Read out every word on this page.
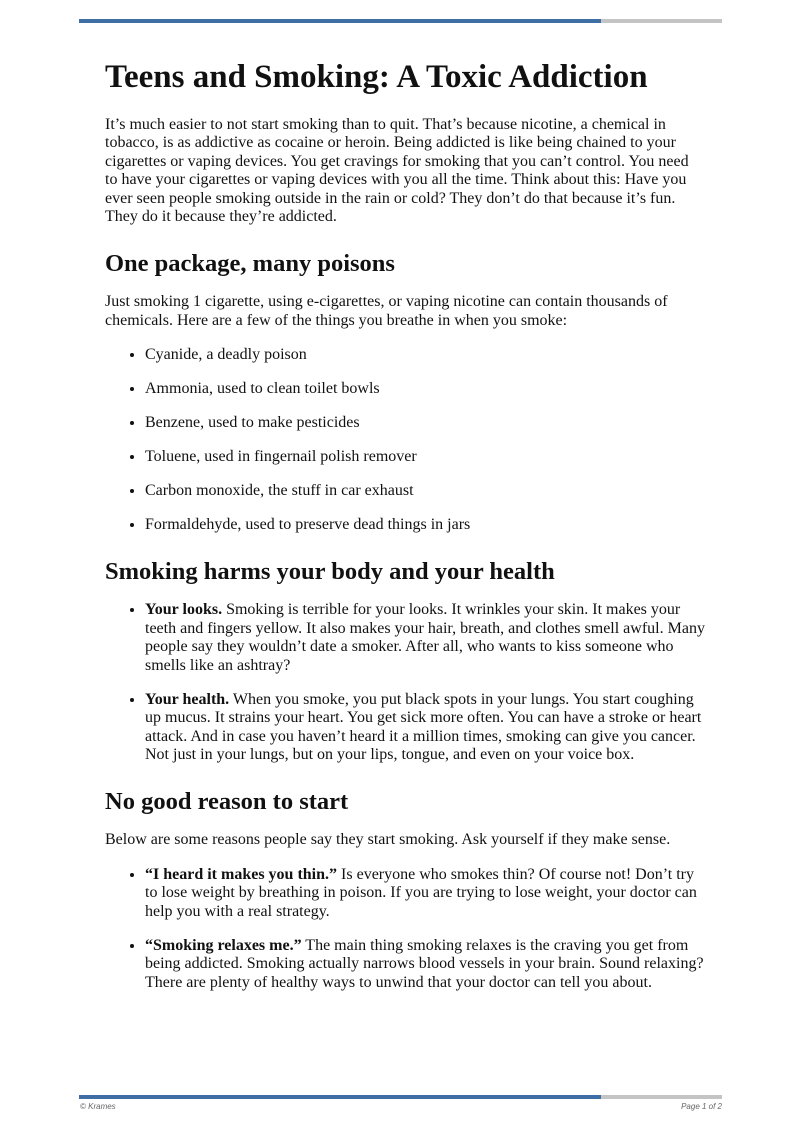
Teens and Smoking: A Toxic Addiction

It’s much easier to not start smoking than to quit. That’s because nicotine, a chemical in tobacco, is as addictive as cocaine or heroin. Being addicted is like being chained to your cigarettes or vaping devices. You get cravings for smoking that you can’t control. You need to have your cigarettes or vaping devices with you all the time. Think about this: Have you ever seen people smoking outside in the rain or cold? They don’t do that because it’s fun. They do it because they’re addicted.

One package, many poisons

Just smoking 1 cigarette, using e-cigarettes, or vaping nicotine can contain thousands of chemicals. Here are a few of the things you breathe in when you smoke:

• Cyanide, a deadly poison
• Ammonia, used to clean toilet bowls
• Benzene, used to make pesticides
• Toluene, used in fingernail polish remover
• Carbon monoxide, the stuff in car exhaust
• Formaldehyde, used to preserve dead things in jars
Smoking harms your body and your health
• Your looks. Smoking is terrible for your looks. It wrinkles your skin. It makes your teeth and fingers yellow. It also makes your hair, breath, and clothes smell awful. Many people say they wouldn’t date a smoker. After all, who wants to kiss someone who smells like an ashtray?
• Your health. When you smoke, you put black spots in your lungs. You start coughing up mucus. It strains your heart. You get sick more often. You can have a stroke or heart attack. And in case you haven’t heard it a million times, smoking can give you cancer. Not just in your lungs, but on your lips, tongue, and even on your voice box.
No good reason to start

Below are some reasons people say they start smoking. Ask yourself if they make sense.

• “I heard it makes you thin.” Is everyone who smokes thin? Of course not! Don’t try to lose weight by breathing in poison. If you are trying to lose weight, your doctor can help you with a real strategy.
• “Smoking relaxes me.” The main thing smoking relaxes is the craving you get from being addicted. Smoking actually narrows blood vessels in your brain. Sound relaxing? There are plenty of healthy ways to unwind that your doctor can tell you about.
© Krames	Page 1 of 2
